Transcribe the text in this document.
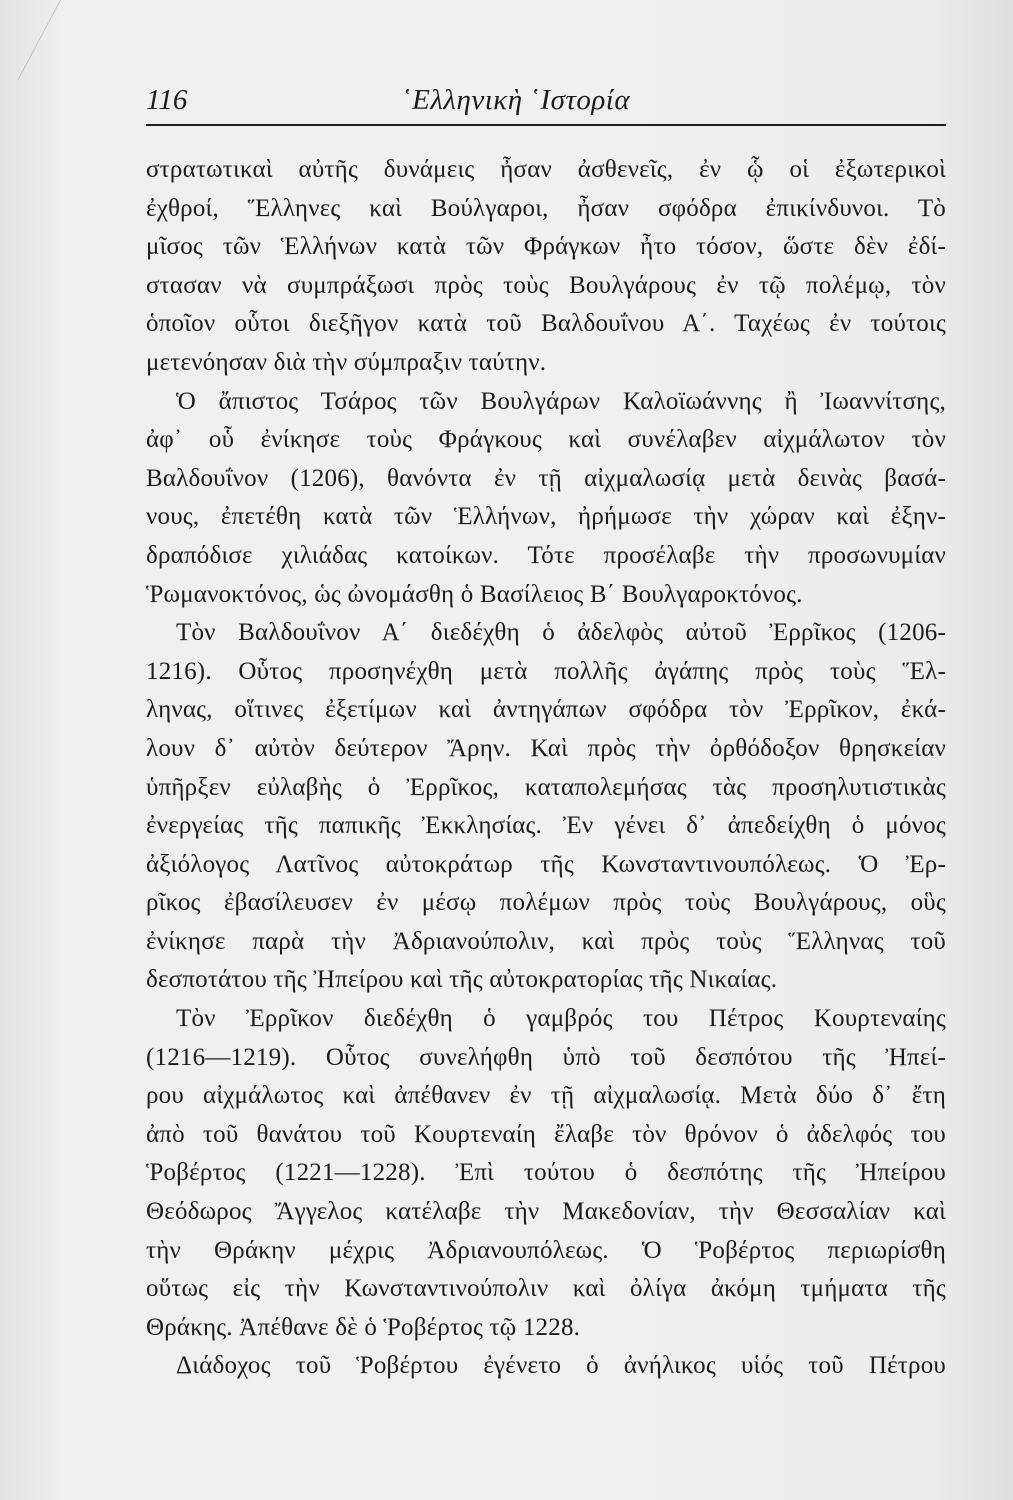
116	῾Ελληνικὴ ῾Ιστορία
στρατωτικαὶ αὐτῆς δυνάμεις ἦσαν ἀσθενεῖς, ἐν ᾧ οἱ ἐξωτερικοὶ
ἐχθροί, Ἕλληνες καὶ Βούλγαροι, ἦσαν σφόδρα ἐπικίνδυνοι. Τὸ
μῖσος τῶν Ἑλλήνων κατὰ τῶν Φράγκων ἦτο τόσον, ὥστε δὲν ἐδί-
στασαν νὰ συμπράξωσι πρὸς τοὺς Βουλγάρους ἐν τῷ πολέμῳ, τὸν
ὁποῖον οὗτοι διεξῆγον κατὰ τοῦ Βαλδουΐνου Α΄. Ταχέως ἐν τούτοις
μετενόησαν διὰ τὴν σύμπραξιν ταύτην.
Ὁ ἄπιστος Τσάρος τῶν Βουλγάρων Καλοϊωάννης ἢ Ἰωαννίτσης,
ἀφ᾽ οὗ ἐνίκησε τοὺς Φράγκους καὶ συνέλαβεν αἰχμάλωτον τὸν
Βαλδουΐνον (1206), θανόντα ἐν τῇ αἰχμαλωσίᾳ μετὰ δεινὰς βασά-
νους, ἐπετέθη κατὰ τῶν Ἑλλήνων, ἠρήμωσε τὴν χώραν καὶ ἐξην-
δραπόδισε χιλιάδας κατοίκων. Τότε προσέλαβε τὴν προσωνυμίαν
Ῥωμανοκτόνος, ὡς ὠνομάσθη ὁ Βασίλειος Β΄ Βουλγαροκτόνος.
Τὸν Βαλδουΐνον Α΄ διεδέχθη ὁ ἀδελφὸς αὐτοῦ Ἐρρῖκος (1206-
1216). Οὗτος προσηνέχθη μετὰ πολλῆς ἀγάπης πρὸς τοὺς Ἕλ-
ληνας, οἵτινες ἐξετίμων καὶ ἀντηγάπων σφόδρα τὸν Ἐρρῖκον, ἐκά-
λουν δ᾽ αὐτὸν δεύτερον Ἄρην. Καὶ πρὸς τὴν ὀρθόδοξον θρησκείαν
ὑπῆρξεν εὐλαβὴς ὁ Ἐρρῖκος, καταπολεμήσας τὰς προσηλυτιστικὰς
ἐνεργείας τῆς παπικῆς Ἐκκλησίας. Ἐν γένει δ᾽ ἀπεδείχθη ὁ μόνος
ἀξιόλογος Λατῖνος αὐτοκράτωρ τῆς Κωνσταντινουπόλεως. Ὁ Ἐρ-
ρῖκος ἐβασίλευσεν ἐν μέσῳ πολέμων πρὸς τοὺς Βουλγάρους, οὓς
ἐνίκησε παρὰ τὴν Ἀδριανούπολιν, καὶ πρὸς τοὺς Ἕλληνας τοῦ
δεσποτάτου τῆς Ἠπείρου καὶ τῆς αὐτοκρατορίας τῆς Νικαίας.
Τὸν Ἐρρῖκον διεδέχθη ὁ γαμβρός του Πέτρος Κουρτεναίης
(1216—1219). Οὗτος συνελήφθη ὑπὸ τοῦ δεσπότου τῆς Ἠπεί-
ρου αἰχμάλωτος καὶ ἀπέθανεν ἐν τῇ αἰχμαλωσίᾳ. Μετὰ δύο δ᾽ ἔτη
ἀπὸ τοῦ θανάτου τοῦ Κουρτεναίη ἔλαβε τὸν θρόνον ὁ ἀδελφός του
Ῥοβέρτος (1221—1228). Ἐπὶ τούτου ὁ δεσπότης τῆς Ἠπείρου
Θεόδωρος Ἄγγελος κατέλαβε τὴν Μακεδονίαν, τὴν Θεσσαλίαν καὶ
τὴν Θράκην μέχρις Ἀδριανουπόλεως. Ὁ Ῥοβέρτος περιωρίσθη
οὕτως εἰς τὴν Κωνσταντινούπολιν καὶ ὀλίγα ἀκόμη τμήματα τῆς
Θράκης. Ἀπέθανε δὲ ὁ Ῥοβέρτος τῷ 1228.
Διάδοχος τοῦ Ῥοβέρτου ἐγένετο ὁ ἀνήλικος υἱός τοῦ Πέτρου
